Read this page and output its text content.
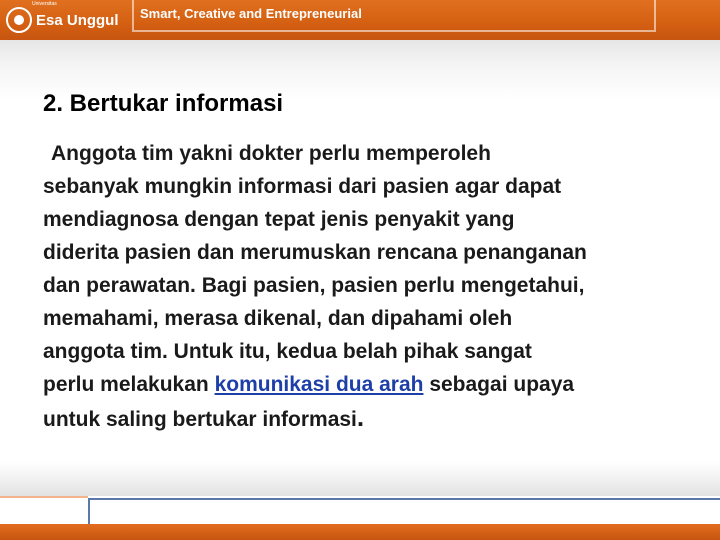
Esa Unggul
Universitas
Smart, Creative and Entrepreneurial
2. Bertukar informasi
Anggota tim yakni dokter perlu memperoleh
sebanyak mungkin informasi dari pasien agar dapat
mendiagnosa dengan tepat jenis penyakit yang
diderita pasien dan merumuskan rencana penanganan
dan perawatan. Bagi pasien, pasien perlu mengetahui,
memahami, merasa dikenal, dan dipahami oleh
anggota tim. Untuk itu, kedua belah pihak sangat
perlu melakukan komunikasi dua arah sebagai upaya
untuk saling bertukar informasi.
